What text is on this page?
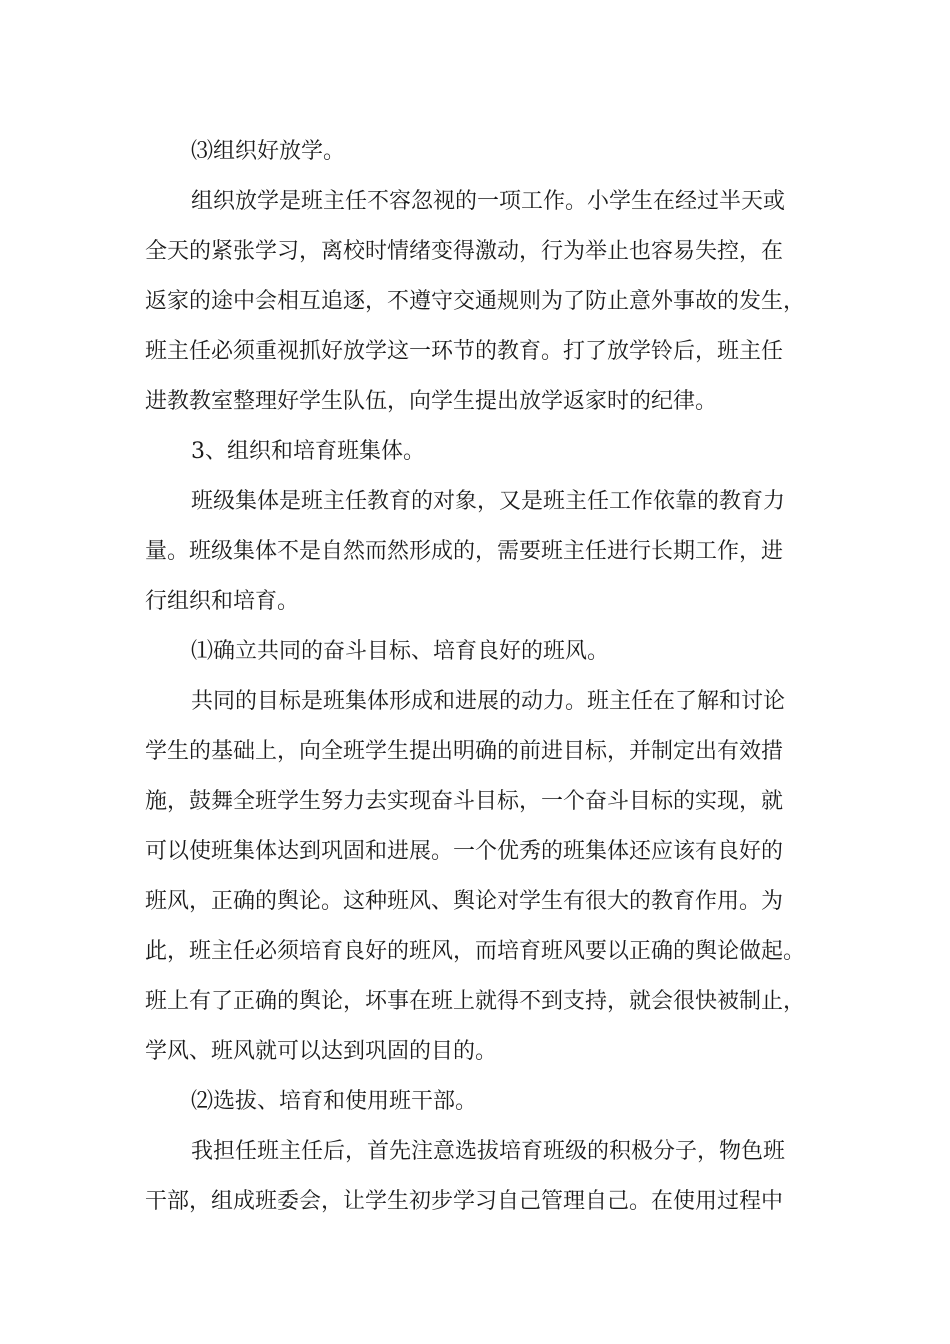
⑶组织好放学。

组织放学是班主任不容忽视的一项工作。小学生在经过半天或
全天的紧张学习，离校时情绪变得激动，行为举止也容易失控，在
返家的途中会相互追逐，不遵守交通规则为了防止意外事故的发生，
班主任必须重视抓好放学这一环节的教育。打了放学铃后，班主任
进教教室整理好学生队伍，向学生提出放学返家时的纪律。

3、组织和培育班集体。

班级集体是班主任教育的对象，又是班主任工作依靠的教育力
量。班级集体不是自然而然形成的，需要班主任进行长期工作，进
行组织和培育。

⑴确立共同的奋斗目标、培育良好的班风。

共同的目标是班集体形成和进展的动力。班主任在了解和讨论
学生的基础上，向全班学生提出明确的前进目标，并制定出有效措
施，鼓舞全班学生努力去实现奋斗目标，一个奋斗目标的实现，就
可以使班集体达到巩固和进展。一个优秀的班集体还应该有良好的
班风，正确的舆论。这种班风、舆论对学生有很大的教育作用。为
此，班主任必须培育良好的班风，而培育班风要以正确的舆论做起。
班上有了正确的舆论，坏事在班上就得不到支持，就会很快被制止，
学风、班风就可以达到巩固的目的。

⑵选拔、培育和使用班干部。

我担任班主任后，首先注意选拔培育班级的积极分子，物色班
干部，组成班委会，让学生初步学习自己管理自己。在使用过程中
